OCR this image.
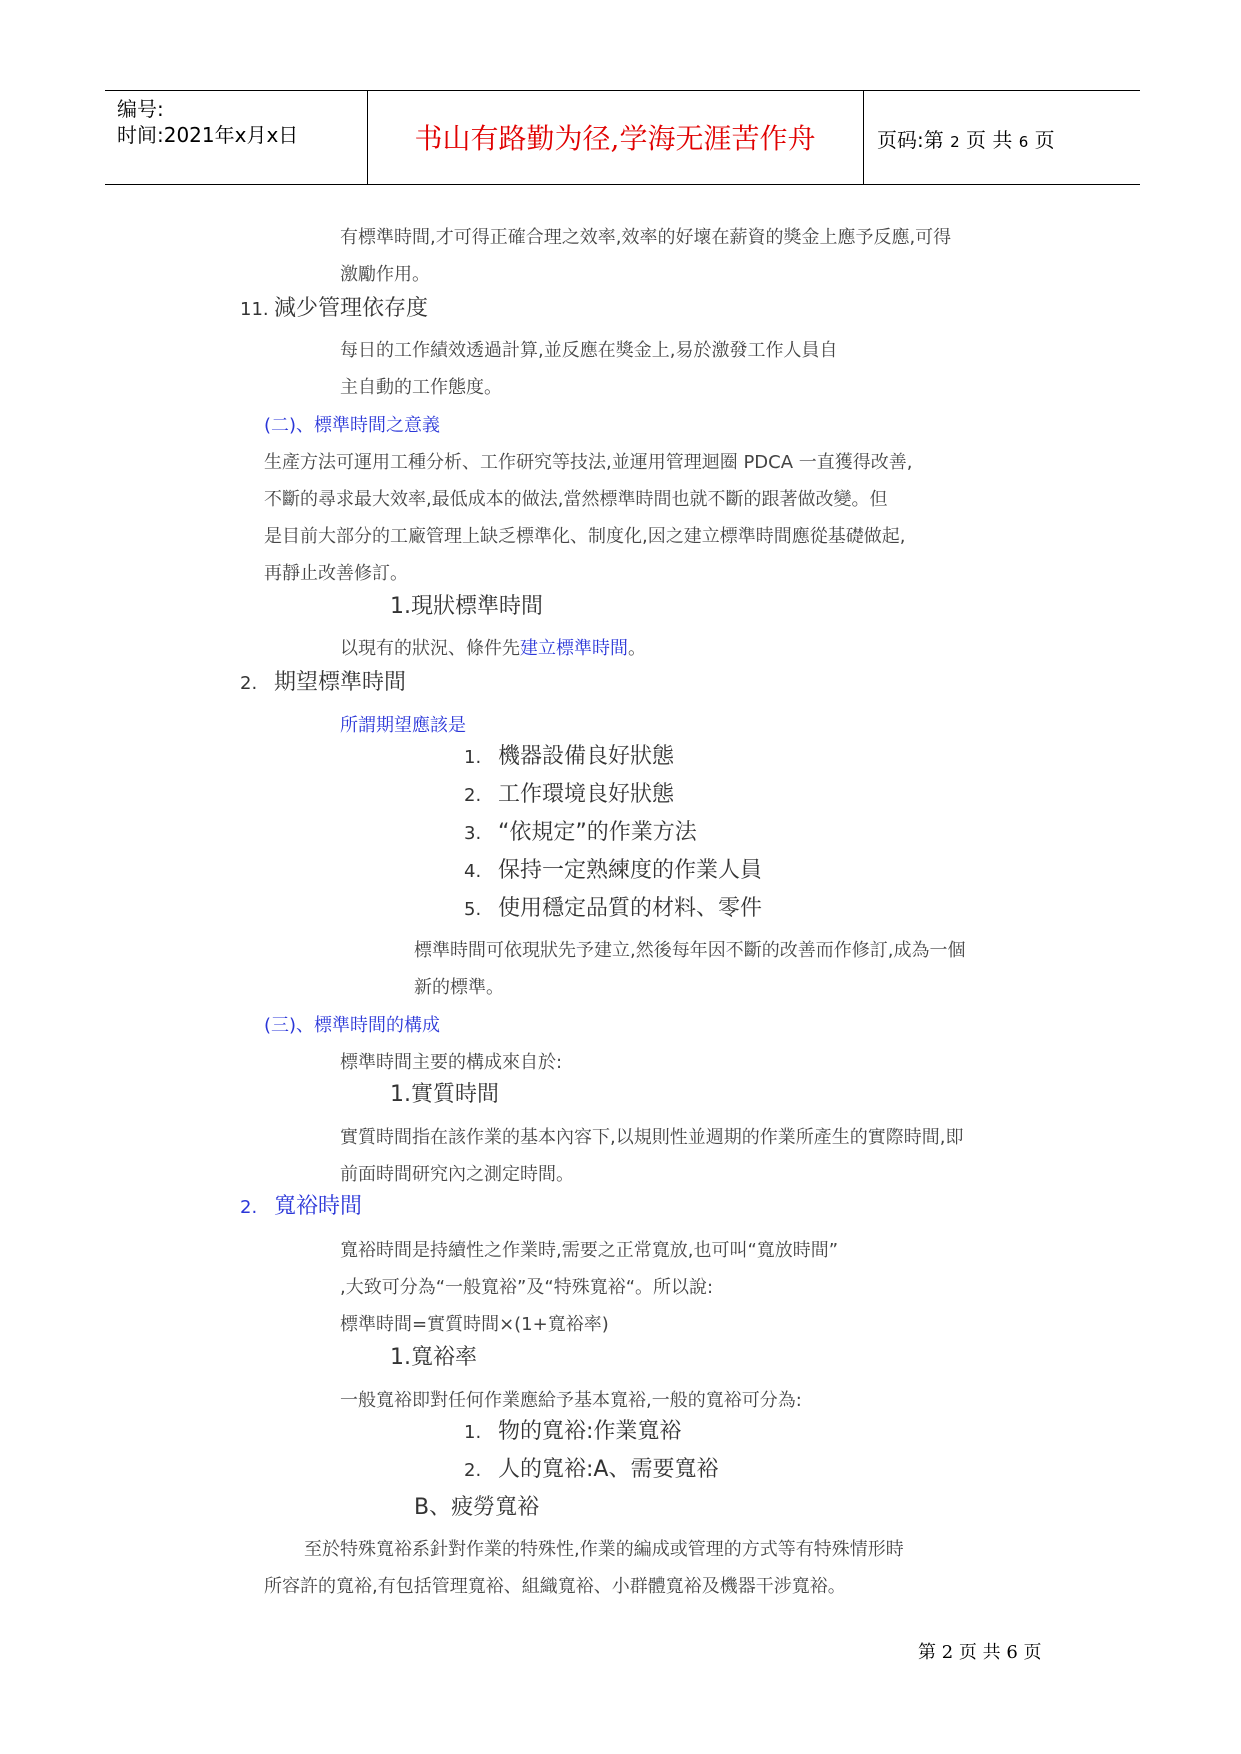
编号:
时间:2021年x月x日	书山有路勤为径,学海无涯苦作舟	页码:第 2 页 共 6 页
有標準時間,才可得正確合理之效率,效率的好壞在薪資的獎金上應予反應,可得
激勵作用。
11. 減少管理依存度
每日的工作績效透過計算,並反應在獎金上,易於激發工作人員自
主自動的工作態度。
(二)、標準時間之意義
生產方法可運用工種分析、工作研究等技法,並運用管理迴圈 PDCA 一直獲得改善,
不斷的尋求最大效率,最低成本的做法,當然標準時間也就不斷的跟著做改變。但
是目前大部分的工廠管理上缺乏標準化、制度化,因之建立標準時間應從基礎做起,
再靜止改善修訂。
1.現狀標準時間
以現有的狀況、條件先建立標準時間。
2. 期望標準時間
所謂期望應該是
1. 機器設備良好狀態
2. 工作環境良好狀態
3. “依規定”的作業方法
4. 保持一定熟練度的作業人員
5. 使用穩定品質的材料、零件
標準時間可依現狀先予建立,然後每年因不斷的改善而作修訂,成為一個
新的標準。
(三)、標準時間的構成
標準時間主要的構成來自於:
1.實質時間
實質時間指在該作業的基本內容下,以規則性並週期的作業所產生的實際時間,即
前面時間研究內之測定時間。
2. 寬裕時間
寬裕時間是持續性之作業時,需要之正常寬放,也可叫“寬放時間”
,大致可分為“一般寬裕”及“特殊寬裕“。所以說:
標準時間=實質時間×(1+寬裕率)
1.寬裕率
一般寬裕即對任何作業應給予基本寬裕,一般的寬裕可分為:
1. 物的寬裕:作業寬裕
2. 人的寬裕:A、需要寬裕
B、疲勞寬裕
至於特殊寬裕系針對作業的特殊性,作業的編成或管理的方式等有特殊情形時
所容許的寬裕,有包括管理寬裕、組織寬裕、小群體寬裕及機器干涉寬裕。
第 2 页 共 6 页
